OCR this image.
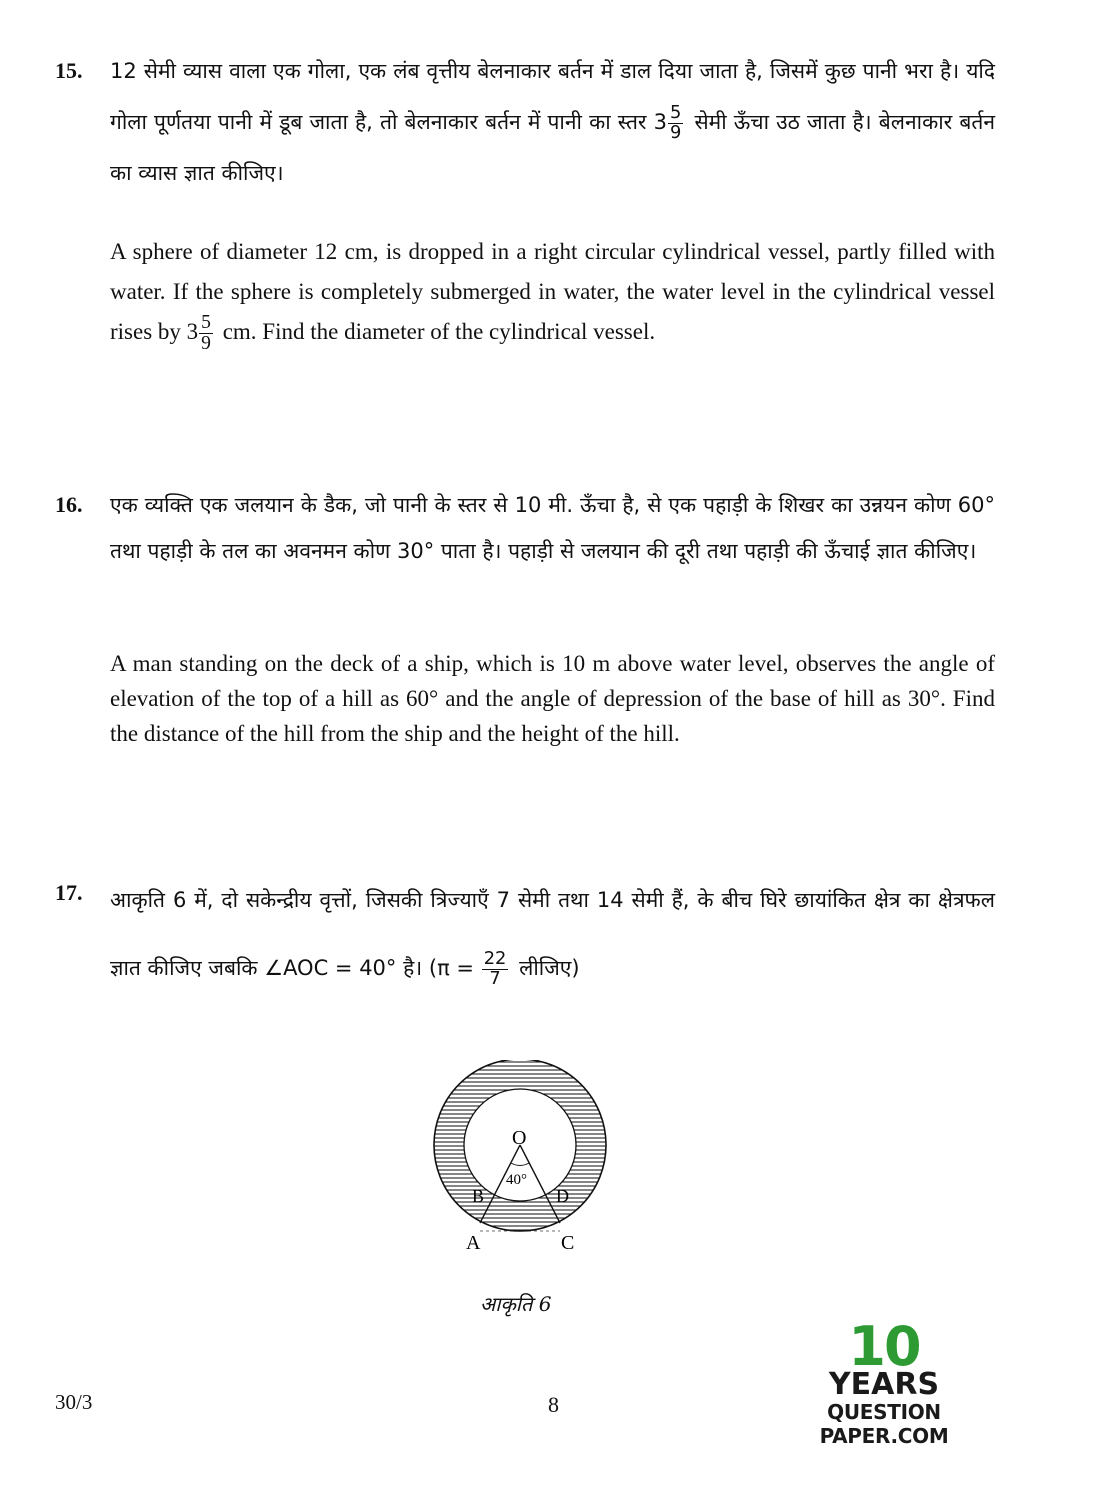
15. 12 सेमी व्यास वाला एक गोला, एक लंब वृत्तीय बेलनाकार बर्तन में डाल दिया जाता है, जिसमें कुछ पानी भरा है। यदि गोला पूर्णतया पानी में डूब जाता है, तो बेलनाकार बर्तन में पानी का स्तर $3 \frac{5}{9}$ सेमी ऊँचा उठ जाता है। बेलनाकार बर्तन का व्यास ज्ञात कीजिए।
A sphere of diameter 12 cm, is dropped in a right circular cylindrical vessel, partly filled with water. If the sphere is completely submerged in water, the water level in the cylindrical vessel rises by $3 \frac{5}{9}$ cm. Find the diameter of the cylindrical vessel.
16. एक व्यक्ति एक जलयान के डैक, जो पानी के स्तर से 10 मी. ऊँचा है, से एक पहाड़ी के शिखर का उन्नयन कोण 60° तथा पहाड़ी के तल का अवनमन कोण 30° पाता है। पहाड़ी से जलयान की दूरी तथा पहाड़ी की ऊँचाई ज्ञात कीजिए।
A man standing on the deck of a ship, which is 10 m above water level, observes the angle of elevation of the top of a hill as 60° and the angle of depression of the base of hill as 30°. Find the distance of the hill from the ship and the height of the hill.
17. आकृति 6 में, दो सकेन्द्रीय वृत्तों, जिसकी त्रिज्याएँ 7 सेमी तथा 14 सेमी हैं, के बीच घिरे छायांकित क्षेत्र का क्षेत्रफल ज्ञात कीजिए जबकि ∠AOC = 40° है। ($\pi = \frac{22}{7}$ लीजिए)
O
40°
B	D
A	C
आकृति 6
30/3	8
10
YEARS
QUESTION PAPER.COM
